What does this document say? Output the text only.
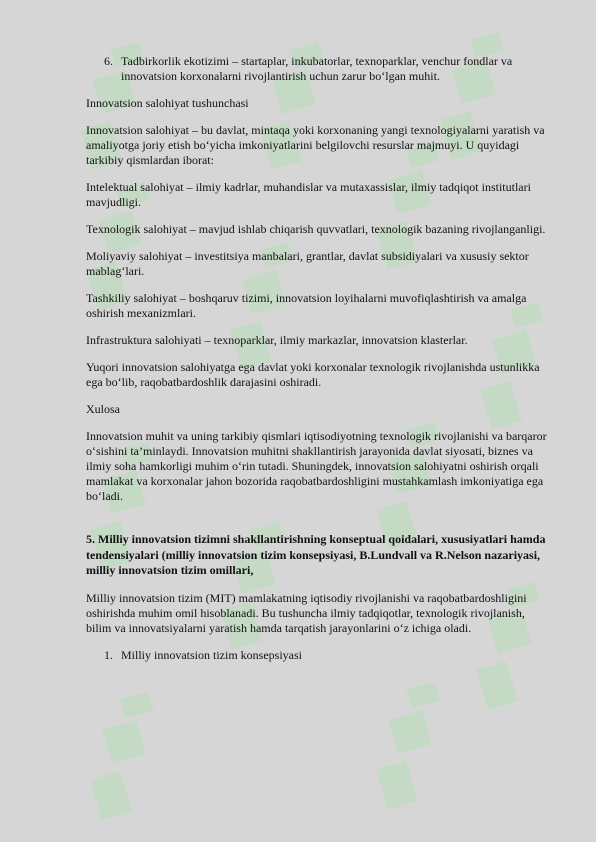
6. Tadbirkorlik ekotizimi – startaplar, inkubatorlar, texnoparklar, venchur fondlar va innovatsion korxonalarni rivojlantirish uchun zarur bo‘lgan muhit.

Innovatsion salohiyat tushunchasi

Innovatsion salohiyat – bu davlat, mintaqa yoki korxonaning yangi texnologiyalarni yaratish va amaliyotga joriy etish bo‘yicha imkoniyatlarini belgilovchi resurslar majmuyi. U quyidagi tarkibiy qismlardan iborat:

Intelektual salohiyat – ilmiy kadrlar, muhandislar va mutaxassislar, ilmiy tadqiqot institutlari mavjudligi.

Texnologik salohiyat – mavjud ishlab chiqarish quvvatlari, texnologik bazaning rivojlanganligi.

Moliyaviy salohiyat – investitsiya manbalari, grantlar, davlat subsidiyalari va xususiy sektor mablag‘lari.

Tashkiliy salohiyat – boshqaruv tizimi, innovatsion loyihalarni muvofiqlashtirish va amalga oshirish mexanizmlari.

Infrastruktura salohiyati – texnoparklar, ilmiy markazlar, innovatsion klasterlar.

Yuqori innovatsion salohiyatga ega davlat yoki korxonalar texnologik rivojlanishda ustunlikka ega bo‘lib, raqobatbardoshlik darajasini oshiradi.

Xulosa

Innovatsion muhit va uning tarkibiy qismlari iqtisodiyotning texnologik rivojlanishi va barqaror o‘sishini ta’minlaydi. Innovatsion muhitni shakllantirish jarayonida davlat siyosati, biznes va ilmiy soha hamkorligi muhim o‘rin tutadi. Shuningdek, innovatsion salohiyatni oshirish orqali mamlakat va korxonalar jahon bozorida raqobatbardoshligini mustahkamlash imkoniyatiga ega bo‘ladi.

5. Milliy innovatsion tizimni shakllantirishning konseptual qoidalari, xususiyatlari hamda tendensiyalari (milliy innovatsion tizim konsepsiyasi, B.Lundvall va R.Nelson nazariyasi, milliy innovatsion tizim omillari,

Milliy innovatsion tizim (MIT) mamlakatning iqtisodiy rivojlanishi va raqobatbardoshligini oshirishda muhim omil hisoblanadi. Bu tushuncha ilmiy tadqiqotlar, texnologik rivojlanish, bilim va innovatsiyalarni yaratish hamda tarqatish jarayonlarini o‘z ichiga oladi.

1. Milliy innovatsion tizim konsepsiyasi
